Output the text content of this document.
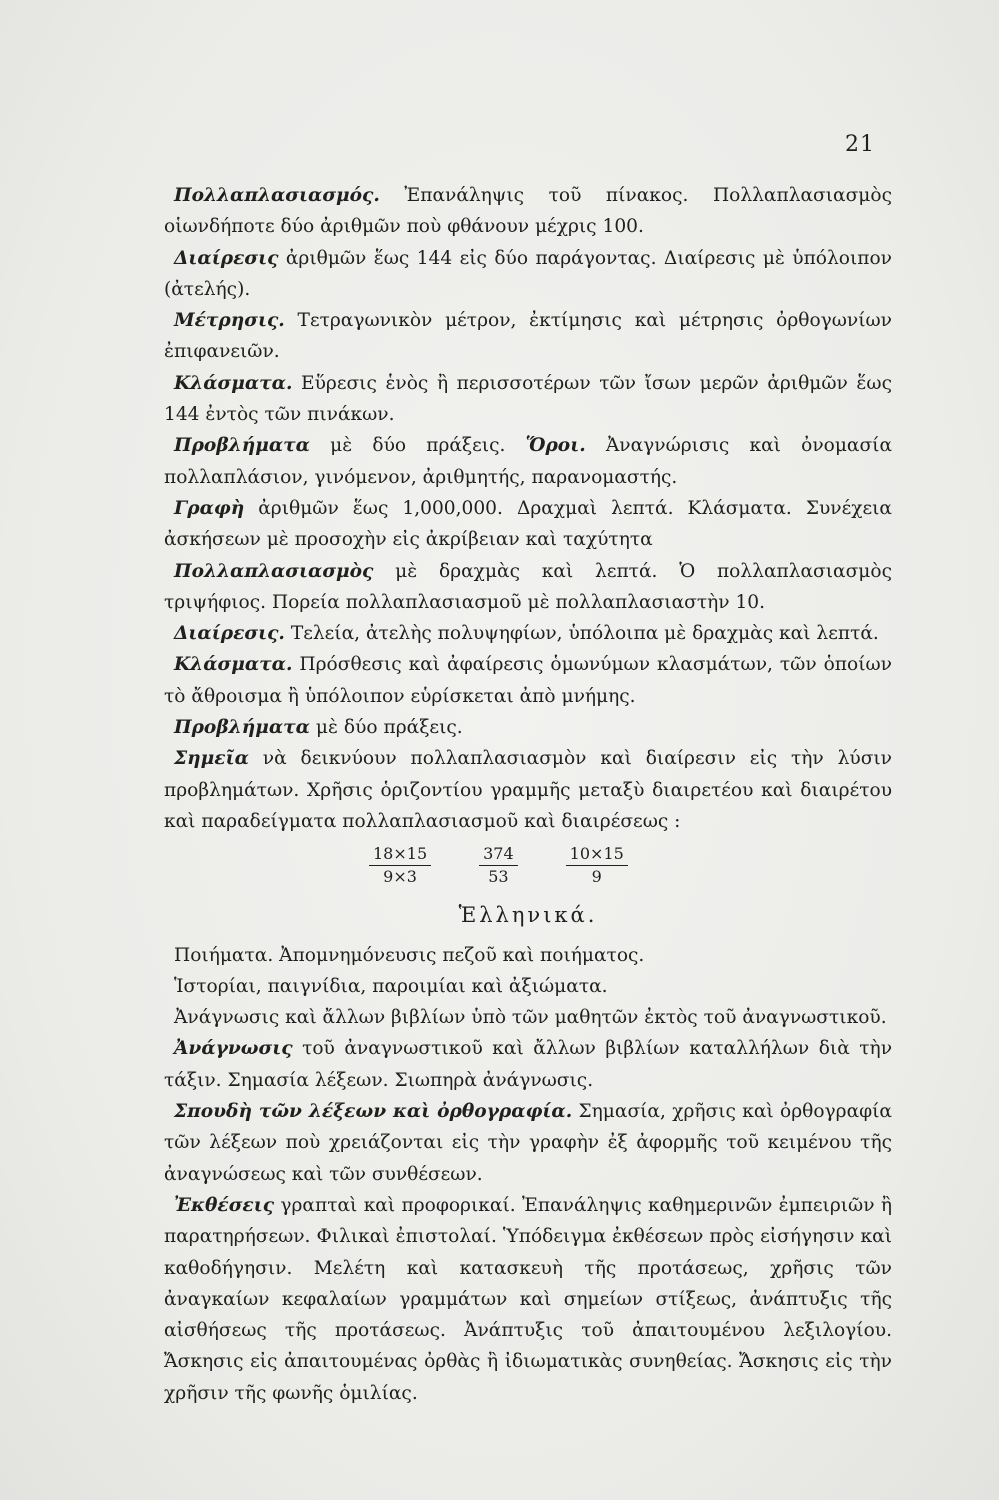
21

Πολλαπλασιασμός. Ἐπανάληψις τοῦ πίνακος. Πολλαπλασιασμὸς οἱωνδήποτε δύο ἀριθμῶν ποὺ φθάνουν μέχρις 100.

Διαίρεσις ἀριθμῶν ἕως 144 εἰς δύο παράγοντας. Διαίρεσις μὲ ὑπόλοιπον (ἀτελής).

Μέτρησις. Τετραγωνικὸν μέτρον, ἐκτίμησις καὶ μέτρησις ὀρθογωνίων ἐπιφανειῶν.

Κλάσματα. Εὕρεσις ἑνὸς ἢ περισσοτέρων τῶν ἴσων μερῶν ἀριθμῶν ἕως 144 ἐντὸς τῶν πινάκων.

Προβλήματα μὲ δύο πράξεις. Ὅροι. Ἀναγνώρισις καὶ ὀνομασία πολλαπλάσιον, γινόμενον, ἀριθμητής, παρανομαστής.

Γραφὴ ἀριθμῶν ἕως 1,000,000. Δραχμαὶ λεπτά. Κλάσματα. Συνέχεια ἀσκήσεων μὲ προσοχὴν εἰς ἀκρίβειαν καὶ ταχύτητα

Πολλαπλασιασμὸς μὲ δραχμὰς καὶ λεπτά. Ὁ πολλαπλασιασμὸς τριψήφιος. Πορεία πολλαπλασιασμοῦ μὲ πολλαπλασιαστὴν 10.

Διαίρεσις. Τελεία, ἀτελὴς πολυψηφίων, ὑπόλοιπα μὲ δραχμὰς καὶ λεπτά.

Κλάσματα. Πρόσθεσις καὶ ἀφαίρεσις ὁμωνύμων κλασμάτων, τῶν ὁποίων τὸ ἄθροισμα ἢ ὑπόλοιπον εὑρίσκεται ἀπὸ μνήμης.

Προβλήματα μὲ δύο πράξεις.

Σημεῖα νὰ δεικνύουν πολλαπλασιασμὸν καὶ διαίρεσιν εἰς τὴν λύσιν προβλημάτων. Χρῆσις ὁριζοντίου γραμμῆς μεταξὺ διαιρετέου καὶ διαιρέτου καὶ παραδείγματα πολλαπλασιασμοῦ καὶ διαιρέσεως :

$\frac{18\times 15}{9\times 3}$	$\frac{374}{53}$	$\frac{10\times 15}{9}$
Ἑλληνικά.

Ποιήματα. Ἀπομνημόνευσις πεζοῦ καὶ ποιήματος.

Ἱστορίαι, παιγνίδια, παροιμίαι καὶ ἀξιώματα.

Ἀνάγνωσις καὶ ἄλλων βιβλίων ὑπὸ τῶν μαθητῶν ἐκτὸς τοῦ ἀναγνωστικοῦ.

Ἀνάγνωσις τοῦ ἀναγνωστικοῦ καὶ ἄλλων βιβλίων καταλλήλων διὰ τὴν τάξιν. Σημασία λέξεων. Σιωπηρὰ ἀνάγνωσις.

Σπουδὴ τῶν λέξεων καὶ ὀρθογραφία. Σημασία, χρῆσις καὶ ὀρθογραφία τῶν λέξεων ποὺ χρειάζονται εἰς τὴν γραφὴν ἐξ ἀφορμῆς τοῦ κειμένου τῆς ἀναγνώσεως καὶ τῶν συνθέσεων.

Ἐκθέσεις γραπταὶ καὶ προφορικαί. Ἐπανάληψις καθημερινῶν ἐμπειριῶν ἢ παρατηρήσεων. Φιλικαὶ ἐπιστολαί. Ὑπόδειγμα ἐκθέσεων πρὸς εἰσήγησιν καὶ καθοδήγησιν. Μελέτη καὶ κατασκευὴ τῆς προτάσεως, χρῆσις τῶν ἀναγκαίων κεφαλαίων γραμμάτων καὶ σημείων στίξεως, ἀνάπτυξις τῆς αἰσθήσεως τῆς προτάσεως. Ἀνάπτυξις τοῦ ἀπαιτουμένου λεξιλογίου. Ἄσκησις εἰς ἀπαιτουμένας ὀρθὰς ἢ ἰδιωματικὰς συνηθείας. Ἄσκησις εἰς τὴν χρῆσιν τῆς φωνῆς ὁμιλίας.
